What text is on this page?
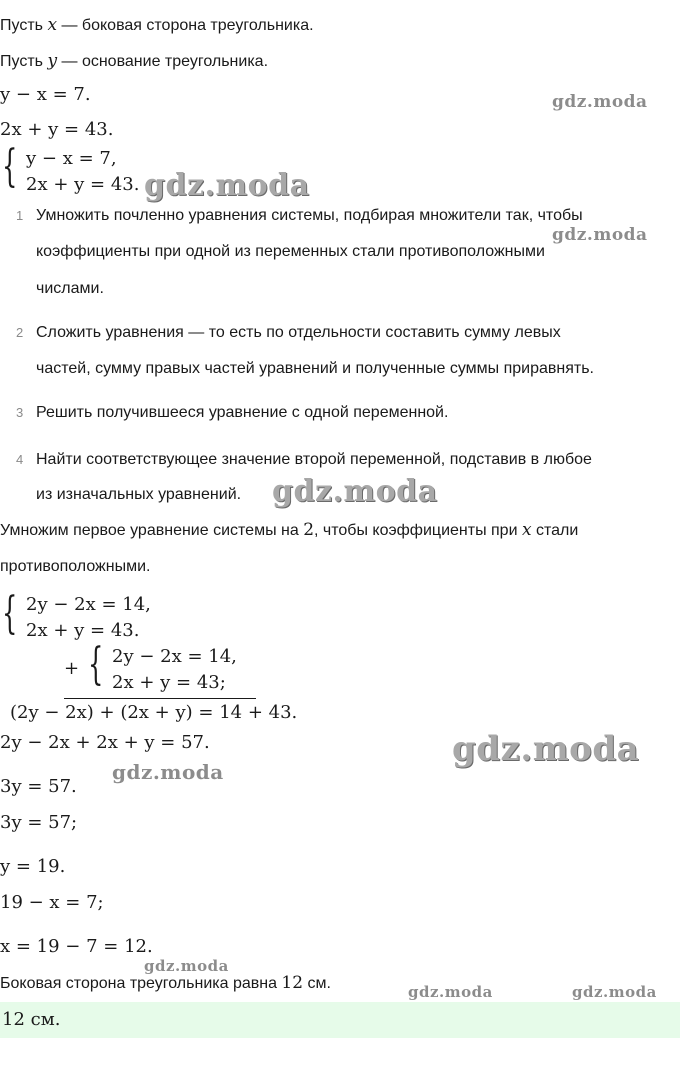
Пусть x — боковая сторона треугольника.
Пусть y — основание треугольника.
y − x = 7.
2x + y = 43.
{ y − x = 7,
2x + y = 43.
1 Умножить почленно уравнения системы, подбирая множители так, чтобы
коэффициенты при одной из переменных стали противоположными
числами.
2 Сложить уравнения — то есть по отдельности составить сумму левых
частей, сумму правых частей уравнений и полученные суммы приравнять.
3 Решить получившееся уравнение с одной переменной.
4 Найти соответствующее значение второй переменной, подставив в любое
из изначальных уравнений.
Умножим первое уравнение системы на 2, чтобы коэффициенты при x стали
противоположными.
{ 2y − 2x = 14,
2x + y = 43.
+ { 2y − 2x = 14,
2x + y = 43;
(2y − 2x) + (2x + y) = 14 + 43.
2y − 2x + 2x + y = 57.
3y = 57.
3y = 57;
y = 19.
19 − x = 7;
x = 19 − 7 = 12.
Боковая сторона треугольника равна 12 см.
12 см.
gdz.moda
gdz.moda
gdz.moda
gdz.moda
gdz.moda
gdz.moda
gdz.moda
gdz.moda	gdz.moda
